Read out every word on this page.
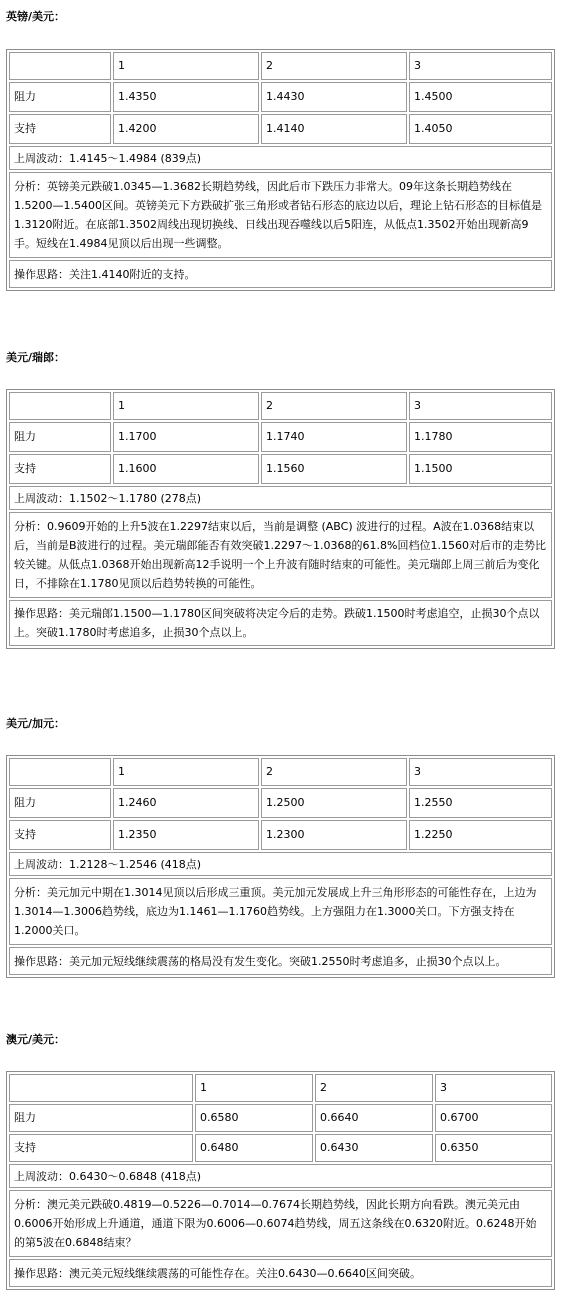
英镑/美元：
	1	2	3
阻力	1.4350	1.4430	1.4500
支持	1.4200	1.4140	1.4050
上周波动：1.4145～1.4984 (839点)			
分析：英镑美元跌破1.0345—1.3682长期趋势线，因此后市下跌压力非常大。09年这条长期趋势线在1.5200—1.5400区间。英镑美元下方跌破扩张三角形或者钻石形态的底边以后，理论上钻石形态的目标值是1.3120附近。在底部1.3502周线出现切换线、日线出现吞噬线以后5阳连，从低点1.3502开始出现新高9手。短线在1.4984见顶以后出现一些调整。			
操作思路：关注1.4140附近的支持。			
美元/瑞郎：
	1	2	3
阻力	1.1700	1.1740	1.1780
支持	1.1600	1.1560	1.1500
上周波动：1.1502～1.1780 (278点)			
分析：0.9609开始的上升5波在1.2297结束以后，当前是调整 (ABC) 波进行的过程。A波在1.0368结束以后，当前是B波进行的过程。美元瑞郎能否有效突破1.2297～1.0368的61.8%回档位1.1560对后市的走势比较关键。从低点1.0368开始出现新高12手说明一个上升波有随时结束的可能性。美元瑞郎上周三前后为变化日，不排除在1.1780见顶以后趋势转换的可能性。			
操作思路：美元瑞郎1.1500—1.1780区间突破将决定今后的走势。跌破1.1500时考虑追空，止损30个点以上。突破1.1780时考虑追多，止损30个点以上。			
美元/加元：
	1	2	3
阻力	1.2460	1.2500	1.2550
支持	1.2350	1.2300	1.2250
上周波动：1.2128～1.2546 (418点)			
分析：美元加元中期在1.3014见顶以后形成三重顶。美元加元发展成上升三角形形态的可能性存在，上边为1.3014—1.3006趋势线，底边为1.1461—1.1760趋势线。上方强阻力在1.3000关口。下方强支持在1.2000关口。			
操作思路：美元加元短线继续震荡的格局没有发生变化。突破1.2550时考虑追多，止损30个点以上。			
澳元/美元：
	1	2	3
阻力	0.6580	0.6640	0.6700
支持	0.6480	0.6430	0.6350
上周波动：0.6430～0.6848 (418点)			
分析：澳元美元跌破0.4819—0.5226—0.7014—0.7674长期趋势线，因此长期方向看跌。澳元美元由0.6006开始形成上升通道，通道下限为0.6006—0.6074趋势线，周五这条线在0.6320附近。0.6248开始的第5波在0.6848结束？			
操作思路：澳元美元短线继续震荡的可能性存在。关注0.6430—0.6640区间突破。			
